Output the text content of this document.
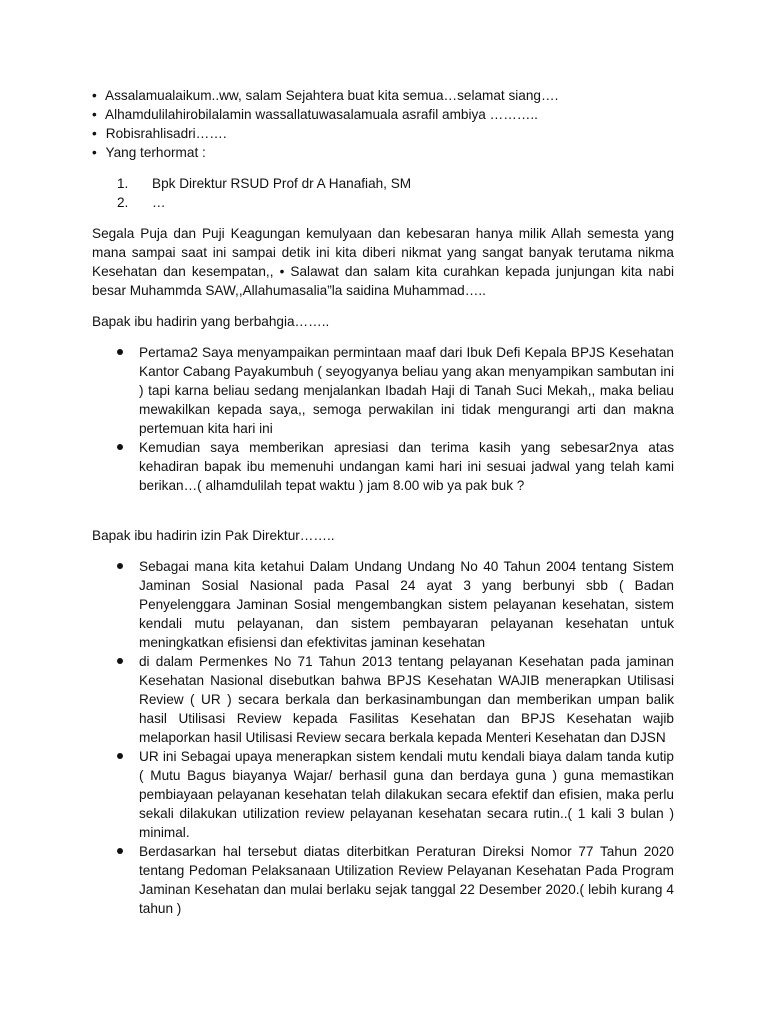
• Assalamualaikum..ww, salam Sejahtera buat kita semua…selamat siang….
• Alhamdulilahirobilalamin wassallatuwasalamuala asrafil ambiya ………..
• Robisrahlisadri…….
• Yang terhormat :
1.	Bpk Direktur RSUD Prof dr A Hanafiah, SM
2.	…

Segala Puja dan Puji Keagungan kemulyaan dan kebesaran hanya milik Allah semesta yang mana sampai saat ini sampai detik ini kita diberi nikmat yang sangat banyak terutama nikma Kesehatan dan kesempatan,, • Salawat dan salam kita curahkan kepada junjungan kita nabi besar Muhammda SAW,,Allahumasalia”la saidina Muhammad…..

Bapak ibu hadirin yang berbahgia……..

Pertama2 Saya menyampaikan permintaan maaf dari Ibuk Defi Kepala BPJS Kesehatan Kantor Cabang Payakumbuh ( seyogyanya beliau yang akan menyampikan sambutan ini ) tapi karna beliau sedang menjalankan Ibadah Haji di Tanah Suci Mekah,, maka beliau mewakilkan kepada saya,, semoga perwakilan ini tidak mengurangi arti dan makna pertemuan kita hari ini
Kemudian saya memberikan apresiasi dan terima kasih yang sebesar2nya atas kehadiran bapak ibu memenuhi undangan kami hari ini sesuai jadwal yang telah kami berikan…( alhamdulilah tepat waktu ) jam 8.00 wib ya pak buk ?

Bapak ibu hadirin izin Pak Direktur……..

Sebagai mana kita ketahui Dalam Undang Undang No 40 Tahun 2004 tentang Sistem Jaminan Sosial Nasional pada Pasal 24 ayat 3 yang berbunyi sbb ( Badan Penyelenggara Jaminan Sosial mengembangkan sistem pelayanan kesehatan, sistem kendali mutu pelayanan, dan sistem pembayaran pelayanan kesehatan untuk meningkatkan efisiensi dan efektivitas jaminan kesehatan
di dalam Permenkes No 71 Tahun 2013 tentang pelayanan Kesehatan pada jaminan Kesehatan Nasional disebutkan bahwa BPJS Kesehatan WAJIB menerapkan Utilisasi Review ( UR ) secara berkala dan berkasinambungan dan memberikan umpan balik hasil Utilisasi Review kepada Fasilitas Kesehatan dan BPJS Kesehatan wajib melaporkan hasil Utilisasi Review secara berkala kepada Menteri Kesehatan dan DJSN
UR ini Sebagai upaya menerapkan sistem kendali mutu kendali biaya dalam tanda kutip ( Mutu Bagus biayanya Wajar/ berhasil guna dan berdaya guna ) guna memastikan pembiayaan pelayanan kesehatan telah dilakukan secara efektif dan efisien, maka perlu sekali dilakukan utilization review pelayanan kesehatan secara rutin..( 1 kali 3 bulan ) minimal.
Berdasarkan hal tersebut diatas diterbitkan Peraturan Direksi Nomor 77 Tahun 2020 tentang Pedoman Pelaksanaan Utilization Review Pelayanan Kesehatan Pada Program Jaminan Kesehatan dan mulai berlaku sejak tanggal 22 Desember 2020.( lebih kurang 4 tahun )
